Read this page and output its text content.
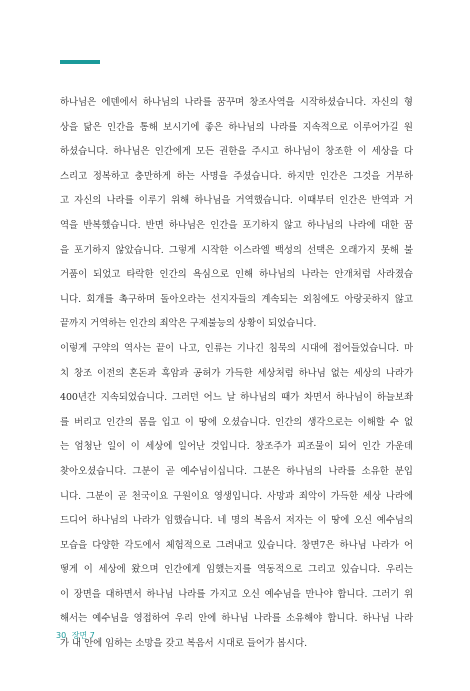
하나님은 에덴에서 하나님의 나라를 꿈꾸며 창조사역을 시작하셨습니다. 자신의 형
상을 닮은 인간을 통해 보시기에 좋은 하나님의 나라를 지속적으로 이루어가길 원
하셨습니다. 하나님은 인간에게 모든 권한을 주시고 하나님이 창조한 이 세상을 다
스리고 정복하고 충만하게 하는 사명을 주셨습니다. 하지만 인간은 그것을 거부하
고 자신의 나라를 이루기 위해 하나님을 거역했습니다. 이때부터 인간은 반역과 거
역을 반복했습니다. 반면 하나님은 인간을 포기하지 않고 하나님의 나라에 대한 꿈
을 포기하지 않았습니다. 그렇게 시작한 이스라엘 백성의 선택은 오래가지 못해 불
거품이 되었고 타락한 인간의 욕심으로 인해 하나님의 나라는 안개처럼 사라졌습
니다. 회개를 촉구하며 돌아오라는 선지자들의 계속되는 외침에도 아랑곳하지 않고
끝까지 거역하는 인간의 죄악은 구제불능의 상황이 되었습니다.
이렇게 구약의 역사는 끝이 나고, 인류는 기나긴 침묵의 시대에 접어들었습니다. 마
치 창조 이전의 혼돈과 흑암과 공허가 가득한 세상처럼 하나님 없는 세상의 나라가
400년간 지속되었습니다. 그러던 어느 날 하나님의 때가 차면서 하나님이 하늘보좌
를 버리고 인간의 몸을 입고 이 땅에 오셨습니다. 인간의 생각으로는 이해할 수 없
는 엄청난 일이 이 세상에 일어난 것입니다. 창조주가 피조물이 되어 인간 가운데
찾아오셨습니다. 그분이 곧 예수님이십니다. 그분은 하나님의 나라를 소유한 분입
니다. 그분이 곧 천국이요 구원이요 영생입니다. 사망과 죄악이 가득한 세상 나라에
드디어 하나님의 나라가 임했습니다. 네 명의 복음서 저자는 이 땅에 오신 예수님의
모습을 다양한 각도에서 체험적으로 그려내고 있습니다. 창면7은 하나님 나라가 어
떻게 이 세상에 왔으며 인간에게 임했는지를 역동적으로 그리고 있습니다. 우리는
이 장면을 대하면서 하나님 나라를 가지고 오신 예수님을 만나야 합니다. 그러기 위
해서는 예수님을 영접하여 우리 안에 하나님 나라를 소유해야 합니다. 하나님 나라
가 내 안에 임하는 소망을 갖고 복음서 시대로 들어가 봅시다.
30 장면 7
